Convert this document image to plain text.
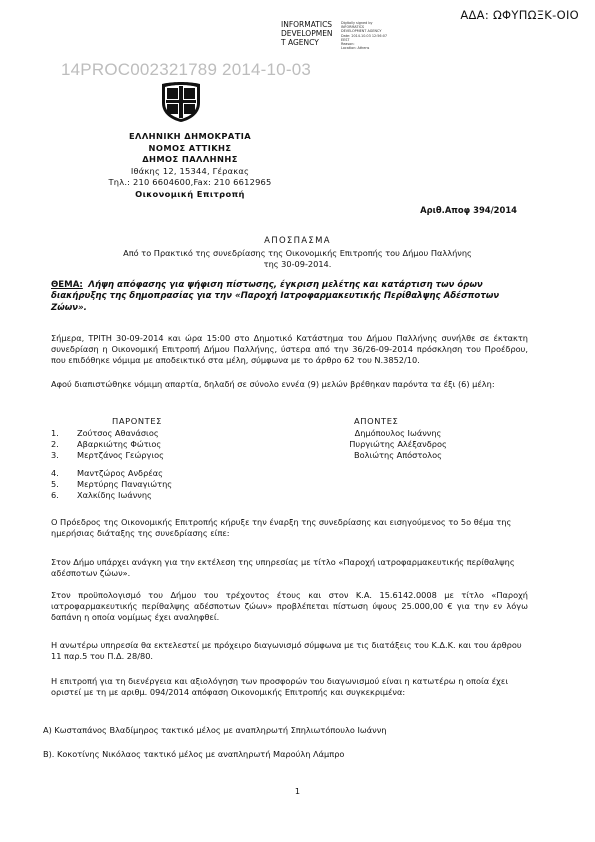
ΑΔΑ: ΩΦΥΠΩΞΚ-ΟΙΟ
INFORMATICS
DEVELOPMEN
T AGENCY
Digitally signed by
INFORMATICS
DEVELOPMENT AGENCY
Date: 2014.10.03 12:56:07
EEST
Reason:
Location: Athens
14PROC002321789 2014-10-03
ΕΛΛΗΝΙΚΗ ΔΗΜΟΚΡΑΤΙΑ
ΝΟΜΟΣ ΑΤΤΙΚΗΣ
ΔΗΜΟΣ ΠΑΛΛΗΝΗΣ
Ιθάκης 12, 15344, Γέρακας
Τηλ.: 210 6604600,Fax: 210 6612965
Οικονομική Επιτροπή
Αριθ.Αποφ 394/2014
ΑΠΟΣΠΑΣΜΑ
Από το Πρακτικό της συνεδρίασης της Οικονομικής Επιτροπής του Δήμου Παλλήνης
της 30-09-2014.
ΘΕΜΑ: Λήψη απόφασης για ψήφιση πίστωσης, έγκριση μελέτης και κατάρτιση των όρων διακήρυξης της δημοπρασίας για την «Παροχή Ιατροφαρμακευτικής Περίθαλψης Αδέσποτων Ζώων».
Σήμερα, ΤΡΙΤΗ 30-09-2014 και ώρα 15:00 στο Δημοτικό Κατάστημα του Δήμου Παλλήνης συνήλθε σε έκτακτη συνεδρίαση η Οικονομική Επιτροπή Δήμου Παλλήνης, ύστερα από την 36/26-09-2014 πρόσκληση του Προέδρου, που επιδόθηκε νόμιμα με αποδεικτικό στα μέλη, σύμφωνα με το άρθρο 62 του Ν.3852/10.
Αφού διαπιστώθηκε νόμιμη απαρτία, δηλαδή σε σύνολο εννέα (9) μελών βρέθηκαν παρόντα τα έξι (6) μέλη:
ΠΑΡΟΝΤΕΣ	ΑΠΟΝΤΕΣ
1. Ζούτσος Αθανάσιος
2. Αβαρκιώτης Φώτιος
3. Μερτζάνος Γεώργιος
4. Μαντζώρος Ανδρέας
5. Μερτύρης Παναγιώτης
6. Χαλκίδης Ιωάννης
Δημόπουλος Ιωάννης
Πυργιώτης Αλέξανδρος
Βολιώτης Απόστολος
Ο Πρόεδρος της Οικονομικής Επιτροπής κήρυξε την έναρξη της συνεδρίασης και εισηγούμενος το 5ο θέμα της ημερήσιας διάταξης της συνεδρίασης είπε:
Στον Δήμο υπάρχει ανάγκη για την εκτέλεση της υπηρεσίας με τίτλο «Παροχή ιατροφαρμακευτικής περίθαλψης αδέσποτων ζώων».
Στον προϋπολογισμό του Δήμου του τρέχοντος έτους και στον Κ.Α. 15.6142.0008 με τίτλο «Παροχή ιατροφαρμακευτικής περίθαλψης αδέσποτων ζώων» προβλέπεται πίστωση ύψους 25.000,00 € για την εν λόγω δαπάνη η οποία νομίμως έχει αναληφθεί.
Η ανωτέρω υπηρεσία θα εκτελεστεί με πρόχειρο διαγωνισμό σύμφωνα με τις διατάξεις του Κ.Δ.Κ. και του άρθρου 11 παρ.5 του Π.Δ. 28/80.
Η επιτροπή για τη διενέργεια και αξιολόγηση των προσφορών του διαγωνισμού είναι η κατωτέρω η οποία έχει οριστεί με τη με αριθμ. 094/2014 απόφαση Οικονομικής Επιτροπής και συγκεκριμένα:
Α) Κωσταπάνος Βλαδίμηρος τακτικό μέλος με αναπληρωτή Σπηλιωτόπουλο Ιωάννη
Β). Κοκοτίνης Νικόλαος τακτικό μέλος με αναπληρωτή Μαρούλη Λάμπρο
1
